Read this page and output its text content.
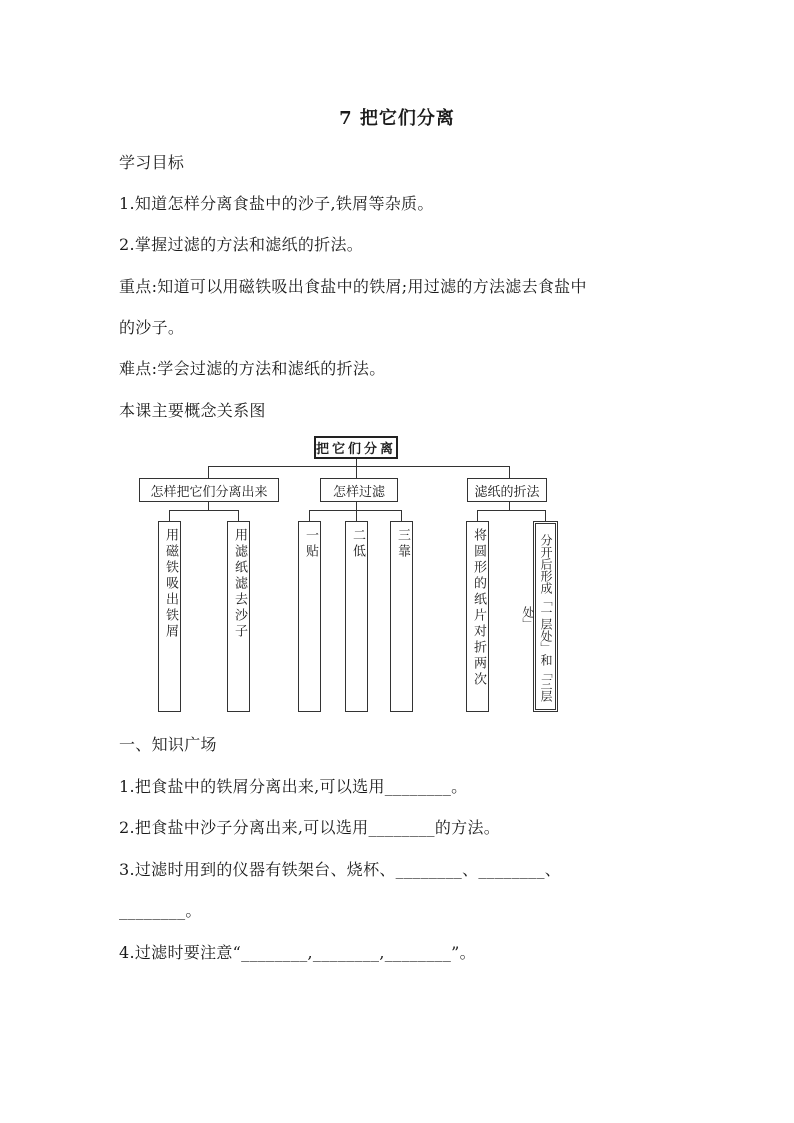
7 把它们分离
学习目标
1.知道怎样分离食盐中的沙子,铁屑等杂质。
2.掌握过滤的方法和滤纸的折法。
重点:知道可以用磁铁吸出食盐中的铁屑;用过滤的方法滤去食盐中
的沙子。
难点:学会过滤的方法和滤纸的折法。
本课主要概念关系图
把它们分离
怎样把它们分离出来	怎样过滤	滤纸的折法
用磁铁吸出铁屑	用滤纸滤去沙子	一贴	二低	三靠	将圆形的纸片对折两次	分开后形成「一层处」和「三层处」
一、知识广场
1.把食盐中的铁屑分离出来,可以选用________。
2.把食盐中沙子分离出来,可以选用________的方法。
3.过滤时用到的仪器有铁架台、烧杯、________、________、
________。
4.过滤时要注意“________,________,________”。
